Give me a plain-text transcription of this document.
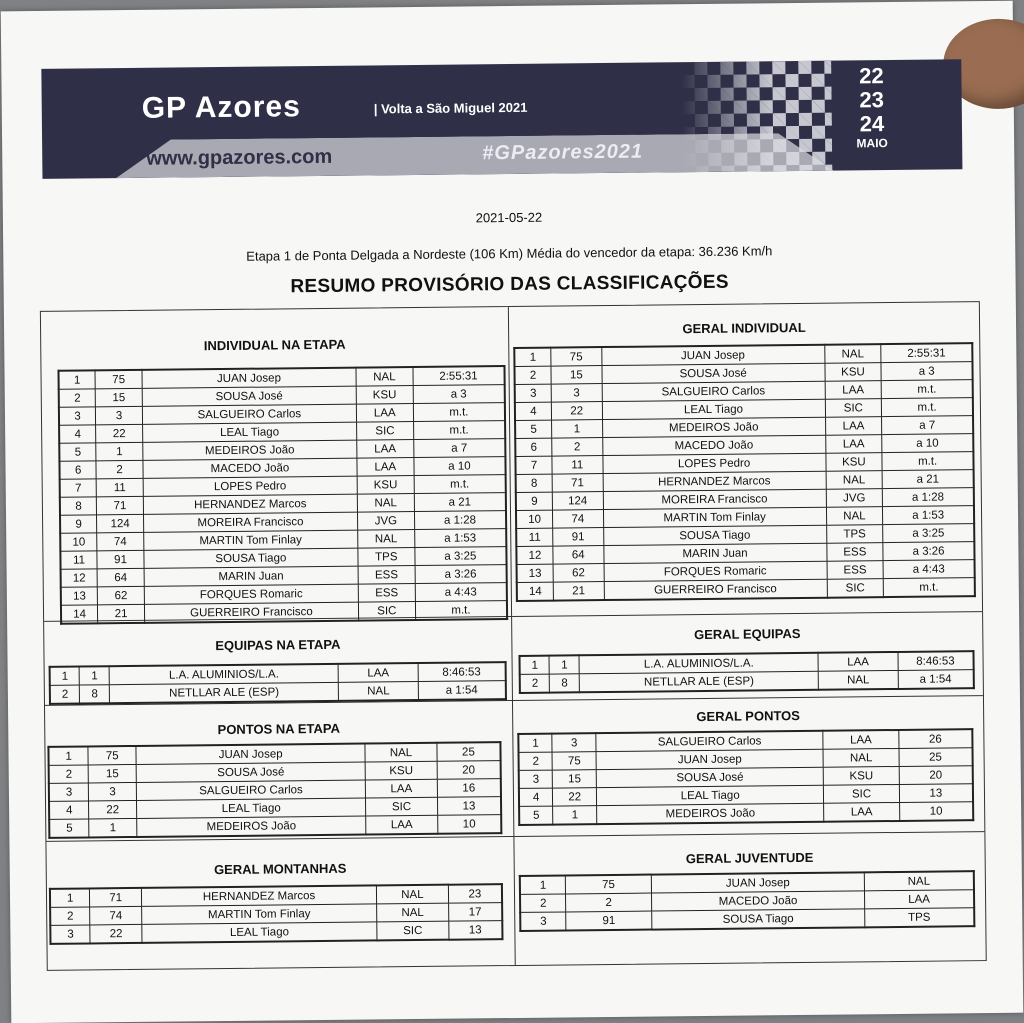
GP Azores	| Volta a São Miguel 2021
www.gpazores.com	#GPazores2021
22
23
24
MAIO
2021-05-22
Etapa 1 de Ponta Delgada a Nordeste (106 Km) Média do vencedor da etapa: 36.236 Km/h
RESUMO PROVISÓRIO DAS CLASSIFICAÇÕES
INDIVIDUAL NA ETAPA
1	75	JUAN Josep	NAL	2:55:31
2	15	SOUSA José	KSU	a 3
3	3	SALGUEIRO Carlos	LAA	m.t.
4	22	LEAL Tiago	SIC	m.t.
5	1	MEDEIROS João	LAA	a 7
6	2	MACEDO João	LAA	a 10
7	11	LOPES Pedro	KSU	m.t.
8	71	HERNANDEZ Marcos	NAL	a 21
9	124	MOREIRA Francisco	JVG	a 1:28
10	74	MARTIN Tom Finlay	NAL	a 1:53
11	91	SOUSA Tiago	TPS	a 3:25
12	64	MARIN Juan	ESS	a 3:26
13	62	FORQUES Romaric	ESS	a 4:43
14	21	GUERREIRO Francisco	SIC	m.t.
GERAL INDIVIDUAL
1	75	JUAN Josep	NAL	2:55:31
2	15	SOUSA José	KSU	a 3
3	3	SALGUEIRO Carlos	LAA	m.t.
4	22	LEAL Tiago	SIC	m.t.
5	1	MEDEIROS João	LAA	a 7
6	2	MACEDO João	LAA	a 10
7	11	LOPES Pedro	KSU	m.t.
8	71	HERNANDEZ Marcos	NAL	a 21
9	124	MOREIRA Francisco	JVG	a 1:28
10	74	MARTIN Tom Finlay	NAL	a 1:53
11	91	SOUSA Tiago	TPS	a 3:25
12	64	MARIN Juan	ESS	a 3:26
13	62	FORQUES Romaric	ESS	a 4:43
14	21	GUERREIRO Francisco	SIC	m.t.
EQUIPAS NA ETAPA
1	1	L.A. ALUMINIOS/L.A.	LAA	8:46:53
2	8	NETLLAR ALE (ESP)	NAL	a 1:54
GERAL EQUIPAS
1	1	L.A. ALUMINIOS/L.A.	LAA	8:46:53
2	8	NETLLAR ALE (ESP)	NAL	a 1:54
PONTOS NA ETAPA
1	75	JUAN Josep	NAL	25
2	15	SOUSA José	KSU	20
3	3	SALGUEIRO Carlos	LAA	16
4	22	LEAL Tiago	SIC	13
5	1	MEDEIROS João	LAA	10
GERAL PONTOS
1	3	SALGUEIRO Carlos	LAA	26
2	75	JUAN Josep	NAL	25
3	15	SOUSA José	KSU	20
4	22	LEAL Tiago	SIC	13
5	1	MEDEIROS João	LAA	10
GERAL MONTANHAS
1	71	HERNANDEZ Marcos	NAL	23
2	74	MARTIN Tom Finlay	NAL	17
3	22	LEAL Tiago	SIC	13
GERAL JUVENTUDE
1	75	JUAN Josep	NAL
2	2	MACEDO João	LAA
3	91	SOUSA Tiago	TPS
